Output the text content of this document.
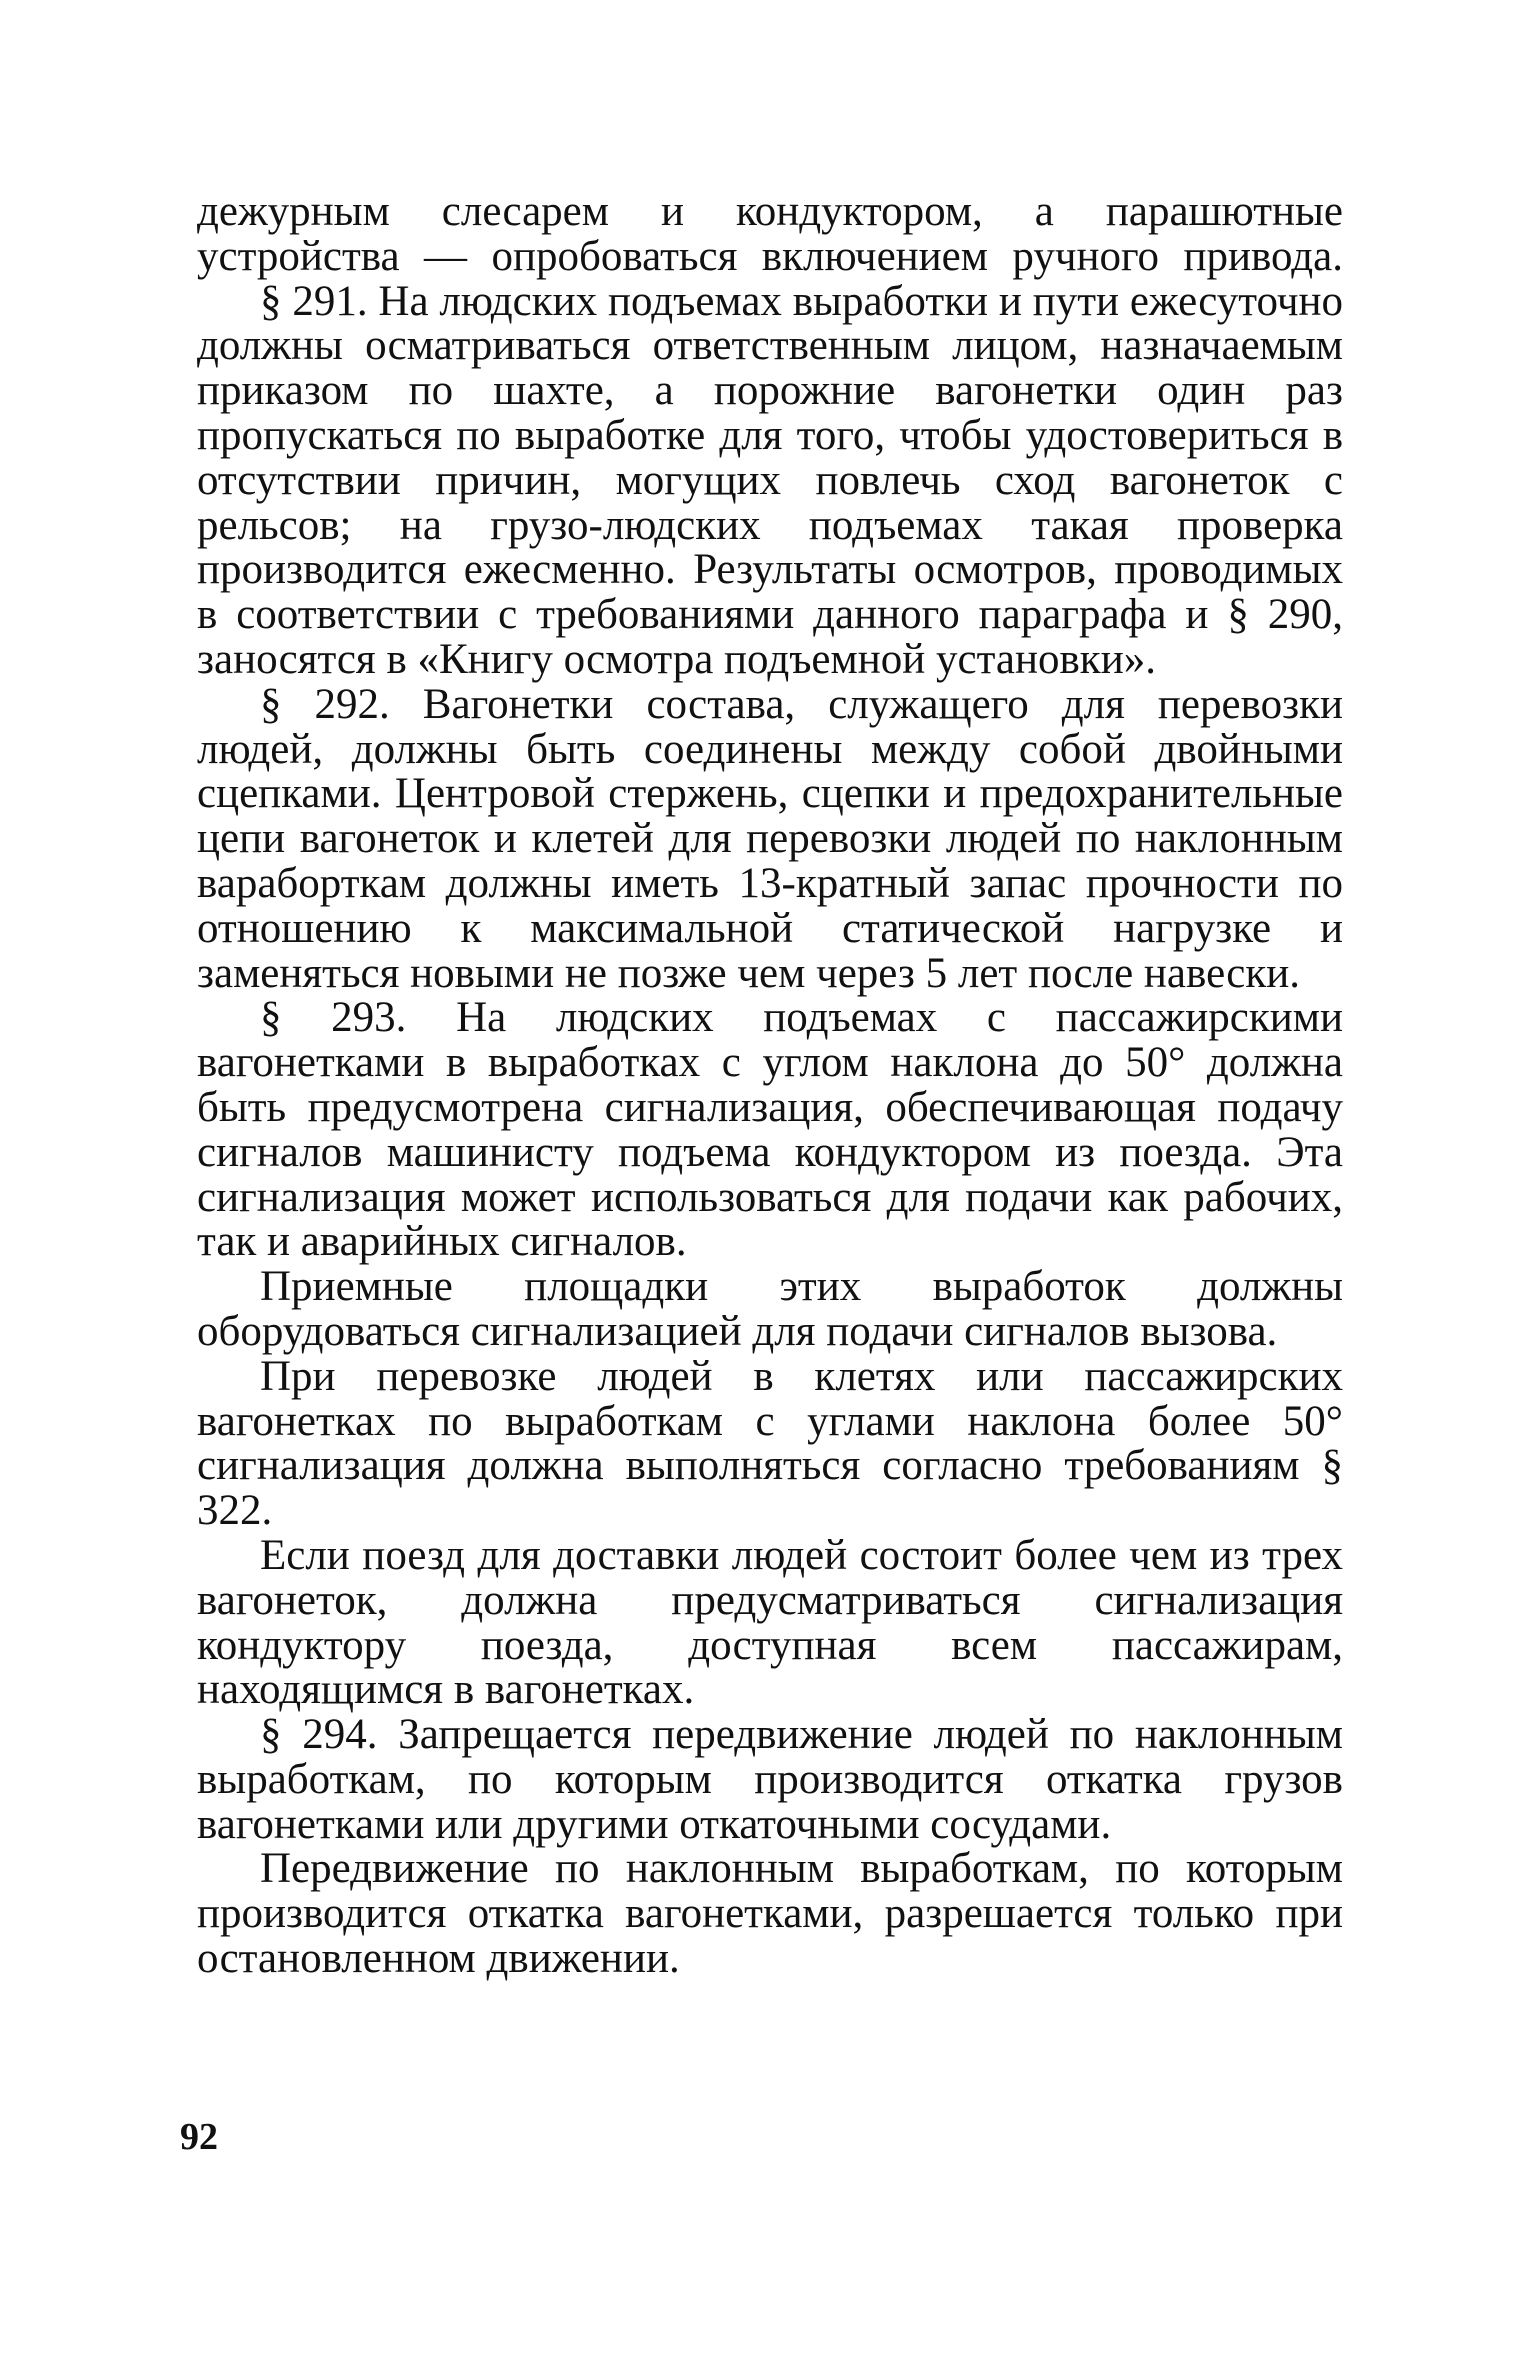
дежурным слесарем и кондуктором, а парашютные устройства — опробоваться включением ручного привода.

§ 291. На людских подъемах выработки и пути ежесуточно должны осматриваться ответственным лицом, назначаемым приказом по шахте, а порожние вагонетки один раз пропускаться по выработке для того, чтобы удостовериться в отсутствии причин, могущих повлечь сход вагонеток с рельсов; на грузо-людских подъемах такая проверка производится ежесменно. Результаты осмотров, проводимых в соответствии с требованиями данного параграфа и § 290, заносятся в «Книгу осмотра подъемной установки».

§ 292. Вагонетки состава, служащего для перевозки людей, должны быть соединены между собой двойными сцепками. Центровой стержень, сцепки и предохранительные цепи вагонеток и клетей для перевозки людей по наклонным вараборткам должны иметь 13-кратный запас прочности по отношению к максимальной статической нагрузке и заменяться новыми не позже чем через 5 лет после навески.

§ 293. На людских подъемах с пассажирскими вагонетками в выработках с углом наклона до 50° должна быть предусмотрена сигнализация, обеспечивающая подачу сигналов машинисту подъема кондуктором из поезда. Эта сигнализация может использоваться для подачи как рабочих, так и аварийных сигналов.

Приемные площадки этих выработок должны оборудоваться сигнализацией для подачи сигналов вызова.

При перевозке людей в клетях или пассажирских вагонетках по выработкам с углами наклона более 50° сигнализация должна выполняться согласно требованиям § 322.

Если поезд для доставки людей состоит более чем из трех вагонеток, должна предусматриваться сигнализация кондуктору поезда, доступная всем пассажирам, находящимся в вагонетках.

§ 294. Запрещается передвижение людей по наклонным выработкам, по которым производится откатка грузов вагонетками или другими откаточными сосудами.

Передвижение по наклонным выработкам, по которым производится откатка вагонетками, разрешается только при остановленном движении.

92
